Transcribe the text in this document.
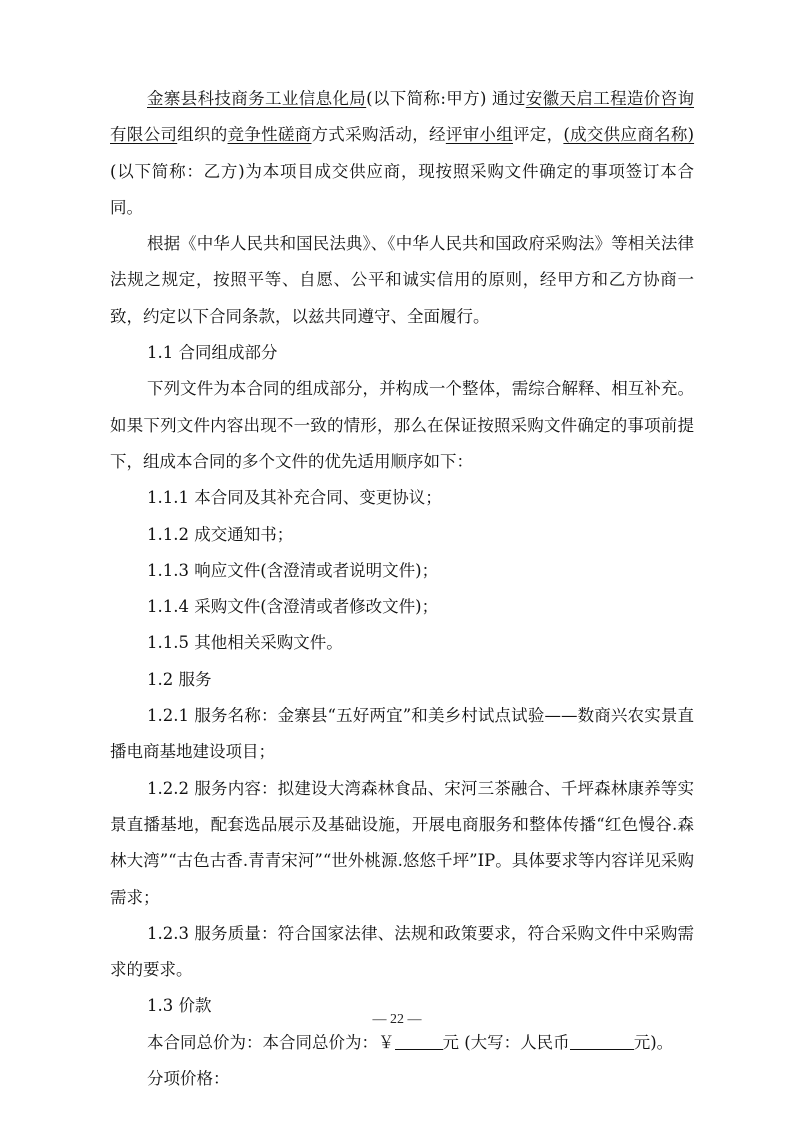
金寨县科技商务工业信息化局(以下简称:甲方) 通过安徽天启工程造价咨询有限公司组织的竞争性磋商方式采购活动，经评审小组评定，(成交供应商名称)(以下简称：乙方)为本项目成交供应商，现按照采购文件确定的事项签订本合同。

根据《中华人民共和国民法典》、《中华人民共和国政府采购法》等相关法律法规之规定，按照平等、自愿、公平和诚实信用的原则，经甲方和乙方协商一致，约定以下合同条款，以兹共同遵守、全面履行。

1.1 合同组成部分

下列文件为本合同的组成部分，并构成一个整体，需综合解释、相互补充。如果下列文件内容出现不一致的情形，那么在保证按照采购文件确定的事项前提下，组成本合同的多个文件的优先适用顺序如下：

1.1.1 本合同及其补充合同、变更协议；

1.1.2 成交通知书；

1.1.3 响应文件(含澄清或者说明文件)；

1.1.4 采购文件(含澄清或者修改文件)；

1.1.5 其他相关采购文件。

1.2 服务

1.2.1 服务名称：金寨县“五好两宜”和美乡村试点试验——数商兴农实景直播电商基地建设项目；

1.2.2 服务内容：拟建设大湾森林食品、宋河三茶融合、千坪森林康养等实景直播基地，配套选品展示及基础设施，开展电商服务和整体传播“红色慢谷.森林大湾”“古色古香.青青宋河”“世外桃源.悠悠千坪”IP。具体要求等内容详见采购需求；

1.2.3 服务质量：符合国家法律、法规和政策要求，符合采购文件中采购需求的要求。

1.3 价款

本合同总价为：本合同总价为：￥	元 (大写：人民币	元)。

分项价格：

— 22 —
